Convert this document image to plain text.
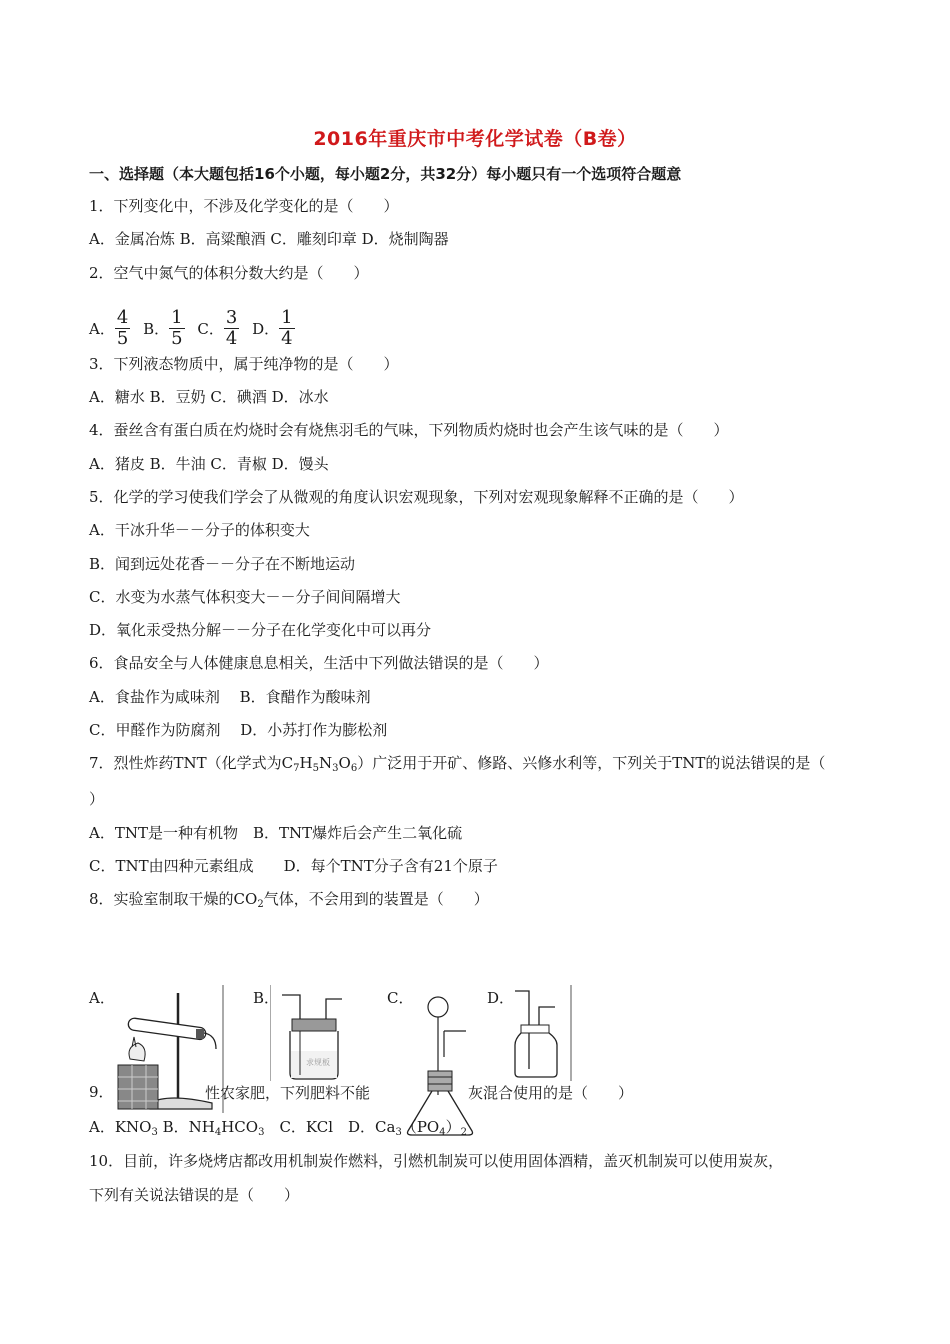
2016年重庆市中考化学试卷（B卷）
一、选择题（本大题包括16个小题，每小题2分，共32分）每小题只有一个选项符合题意
1．下列变化中，不涉及化学变化的是（　　）
A．金属冶炼 B．高粱酿酒 C．雕刻印章 D．烧制陶器
2．空气中氮气的体积分数大约是（　　）
A． $\frac{4}{5}$ B． $\frac{1}{5}$ C． $\frac{3}{4}$ D． $\frac{1}{4}$
3．下列液态物质中，属于纯净物的是（　　）
A．糖水 B．豆奶 C．碘酒 D．冰水
4．蚕丝含有蛋白质在灼烧时会有烧焦羽毛的气味，下列物质灼烧时也会产生该气味的是（　　）
A．猪皮 B．牛油 C．青椒 D．馒头
5．化学的学习使我们学会了从微观的角度认识宏观现象，下列对宏观现象解释不正确的是（　　）
A．干冰升华－－分子的体积变大
B．闻到远处花香－－分子在不断地运动
C．水变为水蒸气体积变大－－分子间间隔增大
D．氧化汞受热分解－－分子在化学变化中可以再分
6．食品安全与人体健康息息相关，生活中下列做法错误的是（　　）
A．食盐作为咸味剂　 B．食醋作为酸味剂
C．甲醛作为防腐剂　 D．小苏打作为膨松剂
7．烈性炸药TNT（化学式为$C_7H_5N_3O_6$）广泛用于开矿、修路、兴修水利等，下列关于TNT的说法错误的是（
）
A．TNT是一种有机物　B．TNT爆炸后会产生二氧化硫
C．TNT由四种元素组成　　D．每个TNT分子含有21个原子
8．实验室制取干燥的$CO_2$气体，不会用到的装置是（　　）
A．	B．	C．	D．
求规板
9．	性农家肥，下列肥料不能	灰混合使用的是（　　）
A．$KNO_3$ B．$NH_4HCO_3$　C．KCl　D．$Ca_3(PO_4)_2$
10．目前，许多烧烤店都改用机制炭作燃料，引燃机制炭可以使用固体酒精，盖灭机制炭可以使用炭灰，
下列有关说法错误的是（　　）
